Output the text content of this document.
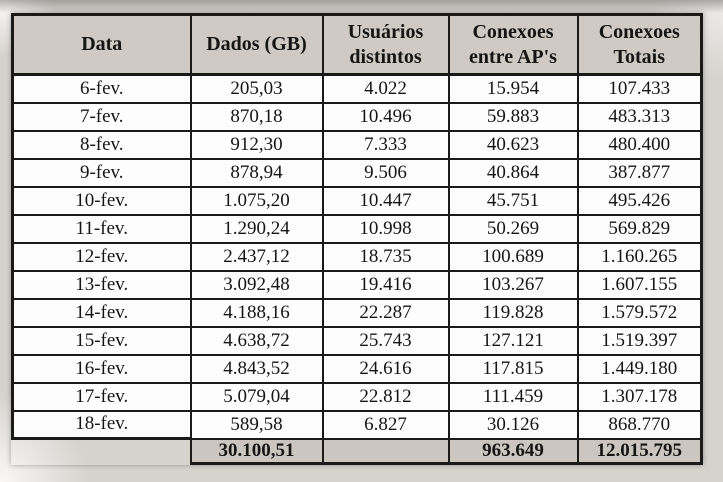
Data	Dados (GB)	Usuários distintos	Conexoes entre AP's	Conexoes Totais
6-fev.	205,03	4.022	15.954	107.433
7-fev.	870,18	10.496	59.883	483.313
8-fev.	912,30	7.333	40.623	480.400
9-fev.	878,94	9.506	40.864	387.877
10-fev.	1.075,20	10.447	45.751	495.426
11-fev.	1.290,24	10.998	50.269	569.829
12-fev.	2.437,12	18.735	100.689	1.160.265
13-fev.	3.092,48	19.416	103.267	1.607.155
14-fev.	4.188,16	22.287	119.828	1.579.572
15-fev.	4.638,72	25.743	127.121	1.519.397
16-fev.	4.843,52	24.616	117.815	1.449.180
17-fev.	5.079,04	22.812	111.459	1.307.178
18-fev.	589,58	6.827	30.126	868.770
	30.100,51		963.649	12.015.795
